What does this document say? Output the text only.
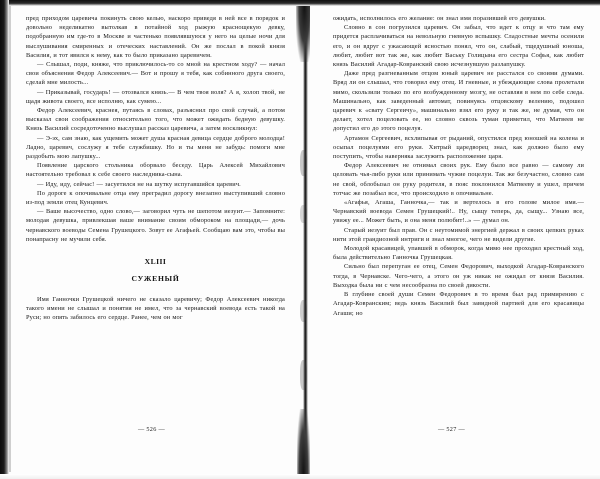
пред приходом царевича покинуть свою келью, наскоро приведя в ней все в порядок и довольно неделикатно вытолкав в потайной ход рыжую краснощекую девку, подобранную им где-то в Москве и частенько появлявшуюся у него на целые ночи для выслушивания смиренных и отеческих наставлений. Он же послал в покой князя Василия, и тот явился к нему, как то было приказано царевичем.

— Слышал, поди, княже, что приключилось-то со мной на крестном ходу? — начал свои объяснения Федор Алексеевич.— Вот и прошу я тебя, как собинного друга своего, сделай мне милость...

— Приказывай, государь! — отозвался князь.— В чем твоя воля? А я, холоп твой, не щадя живота своего, все исполню, как сумею...

Федор Алексеевич, краснея, путаясь в словах, разъяснил про свой случай, а потом высказал свои соображения относительно того, что может ожидать бедную девушку. Князь Василий сосредоточенно выслушал рассказ царевича, а затем воскликнул:

— Э-эх, сам знаю, как ущемить может душа красная девица сердце доброго молодца! Ладно, царевич, сослужу я тебе службишку. Но и ты меня не забудь: помоги мне раздобыть мою лапушку...

Появление царского стольника оборвало беседу. Царь Алексей Михайлович настоятельно требовал к себе своего наследника-сына.

— Иду, иду, сейчас! — засуетился не на шутку испугавшийся царевич.

По дороге к опочивальне отца ему преградил дорогу внезапно выступивший словно из-под земли отец Кунцевич.

— Ваше высочество, одно слово,— заговорил чуть не шепотом иезуит.— Запомните: молодая девушка, привлекшая ваше внимание своим обмороком на площади,— дочь чернавского воеводы Семена Грушецкого. Зовут ее Агафьей. Сообщаю вам это, чтобы вы понапрасну не мучили себя.

XLIII
СУЖЕНЫЙ

Имя Ганночки Грушецкой ничего не сказало царевичу; Федор Алексеевич никогда такого имени не слышал и понятия не имел, что за чернавский воевода есть такой на Руси; но опять забилось его сердце. Ранее, чем он мог

— 526 —

ожидать, исполнилось его желание: он знал имя поразившей его девушки.

Словно в сон погрузился царевич. Он забыл, что идет к отцу и что там ему придется расплачиваться на невольную гневную вспышку. Сладостные мечты осенили его, и он вдруг с ужасающей ясностью понял, что он, слабый, тщедушный юноша, любит, любит вот так же, как любит Ваську Голицына его сестра Софья, как любит князь Василий Агадар-Ковранский свою исчезнувшую разлапушку.

Даже пред разгневанным отцом юный царевич не расстался со своими думами. Вряд ли он слышал, что говорил ему отец. И гневные, и убеждающие слова пролетали мимо, скользили только по его возбужденному мозгу, не оставляя в нем по себе следа. Машинально, как заведенный автомат, повинуясь отцовскому велению, подошел царевич к «свату Сергеичу», машинально взял его руку и так же, не думая, что он делает, хотел поцеловать ее, но словно сквозь туман приметил, что Матвеев не допустил его до этого поцелуя.

Артамон Сергеевич, всхлипывая от рыданий, опустился пред юношей на колена и осыпал поцелуями его руки. Хитрый царедворец знал, как должно было ему поступить, чтобы наверняка заслужить расположение царя.

Федор Алексеевич не отнимал своих рук. Ему было все равно — самому ли целовать чья-либо руки или принимать чужие поцелуи. Так же безучастно, словно сам не свой, облобызал он руку родителя, в пояс поклонился Матвееву и ушел, причем тотчас же позабыл все, что происходило в опочивальне.

«Агафья, Агаша, Ганночка,— так и вертелось в его голове милое имя.— Чернавский воевода Семен Грушецкий!.. Ну, сыщу теперь, да, сыщу... Узнаю все, увижу ее... Может быть, и она меня полюбит!..» — думал он.

Старый иезуит был прав. Он с неутомимой энергией держал в своих цепких руках нити этой грандиозной интриги и знал многое, чего не видели другие.

Молодой красавицей, упавшей в обморок, когда мимо нее проходил крестный ход, была действительно Ганночка Грушецкая.

Сильно был перепуган ее отец, Семен Федорович, выходкой Агадар-Ковранского тогда, в Чернавске. Чего-чего, а этого он уж никак не ожидал от князя Василия. Выходка была ни с чем несообразна по своей дикости.

В глубине своей души Семен Федорович в то время был рад примирению с Агадар-Ковранским; ведь князь Василий был завидной партией для его красавицы Агаши; но

— 527 —
